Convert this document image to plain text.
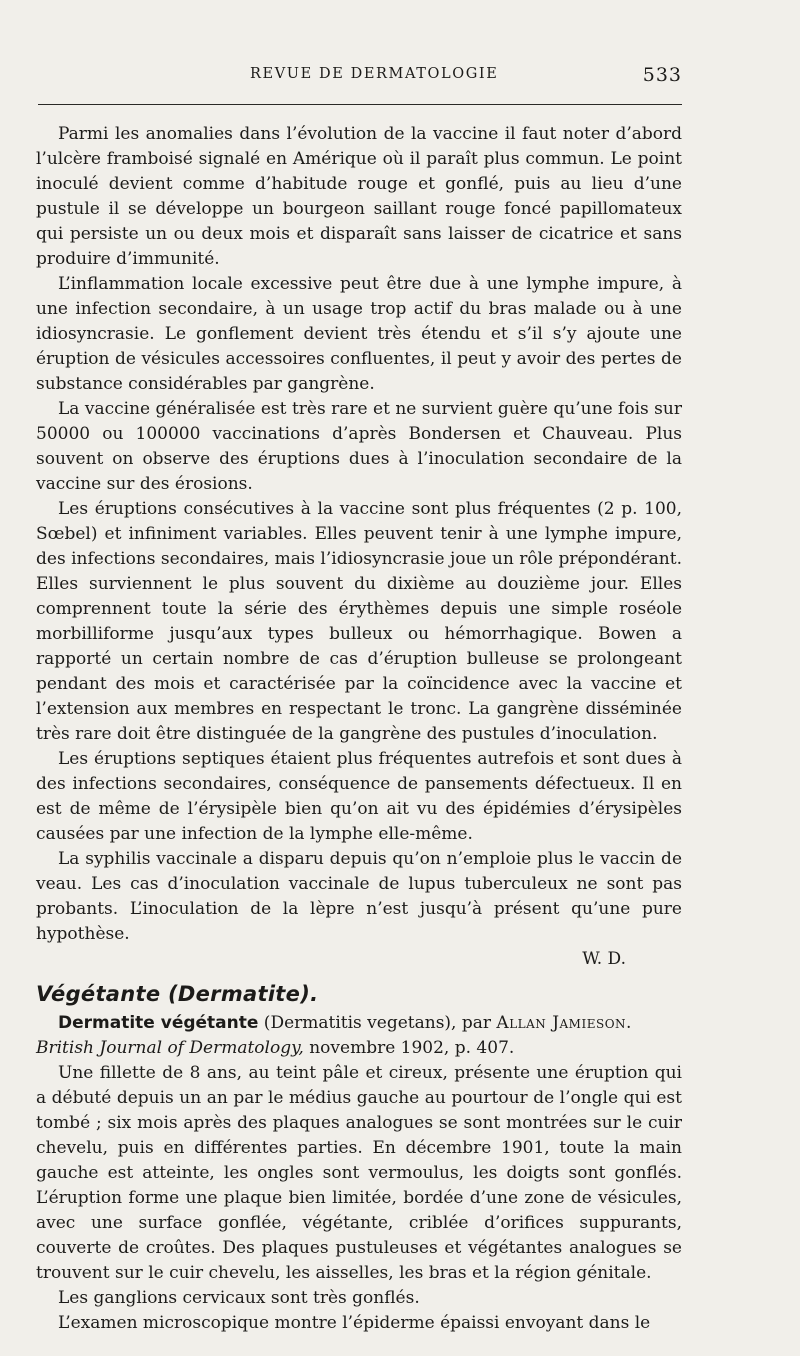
REVUE DE DERMATOLOGIE	533

Parmi les anomalies dans l’évolution de la vaccine il faut noter d’abord l’ulcère framboisé signalé en Amérique où il paraît plus commun. Le point inoculé devient comme d’habitude rouge et gonflé, puis au lieu d’une pustule il se développe un bourgeon saillant rouge foncé papillomateux qui persiste un ou deux mois et disparaît sans laisser de cicatrice et sans produire d’immunité.

L’inflammation locale excessive peut être due à une lymphe impure, à une infection secondaire, à un usage trop actif du bras malade ou à une idiosyncrasie. Le gonflement devient très étendu et s’il s’y ajoute une éruption de vésicules accessoires confluentes, il peut y avoir des pertes de substance considérables par gangrène.

La vaccine généralisée est très rare et ne survient guère qu’une fois sur 50000 ou 100000 vaccinations d’après Bondersen et Chauveau. Plus souvent on observe des éruptions dues à l’inoculation secondaire de la vaccine sur des érosions.

Les éruptions consécutives à la vaccine sont plus fréquentes (2 p. 100, Sœbel) et infiniment variables. Elles peuvent tenir à une lymphe impure, des infections secondaires, mais l’idiosyncrasie joue un rôle prépondérant. Elles surviennent le plus souvent du dixième au douzième jour. Elles comprennent toute la série des érythèmes depuis une simple roséole morbilliforme jusqu’aux types bulleux ou hémorrhagique. Bowen a rapporté un certain nombre de cas d’éruption bulleuse se prolongeant pendant des mois et caractérisée par la coïncidence avec la vaccine et l’extension aux membres en respectant le tronc. La gangrène disséminée très rare doit être distinguée de la gangrène des pustules d’inoculation.

Les éruptions septiques étaient plus fréquentes autrefois et sont dues à des infections secondaires, conséquence de pansements défectueux. Il en est de même de l’érysipèle bien qu’on ait vu des épidémies d’érysipèles causées par une infection de la lymphe elle-même.

La syphilis vaccinale a disparu depuis qu’on n’emploie plus le vaccin de veau. Les cas d’inoculation vaccinale de lupus tuberculeux ne sont pas probants. L’inoculation de la lèpre n’est jusqu’à présent qu’une pure hypothèse.

W. D.

Végétante (Dermatite).

Dermatite végétante (Dermatitis vegetans), par Allan Jamieson.
British Journal of Dermatology, novembre 1902, p. 407.

Une fillette de 8 ans, au teint pâle et cireux, présente une éruption qui a débuté depuis un an par le médius gauche au pourtour de l’ongle qui est tombé ; six mois après des plaques analogues se sont montrées sur le cuir chevelu, puis en différentes parties. En décembre 1901, toute la main gauche est atteinte, les ongles sont vermoulus, les doigts sont gonflés. L’éruption forme une plaque bien limitée, bordée d’une zone de vésicules, avec une surface gonflée, végétante, criblée d’orifices suppurants, couverte de croûtes. Des plaques pustuleuses et végétantes analogues se trouvent sur le cuir chevelu, les aisselles, les bras et la région génitale.

Les ganglions cervicaux sont très gonflés.

L’examen microscopique montre l’épiderme épaissi envoyant dans le
